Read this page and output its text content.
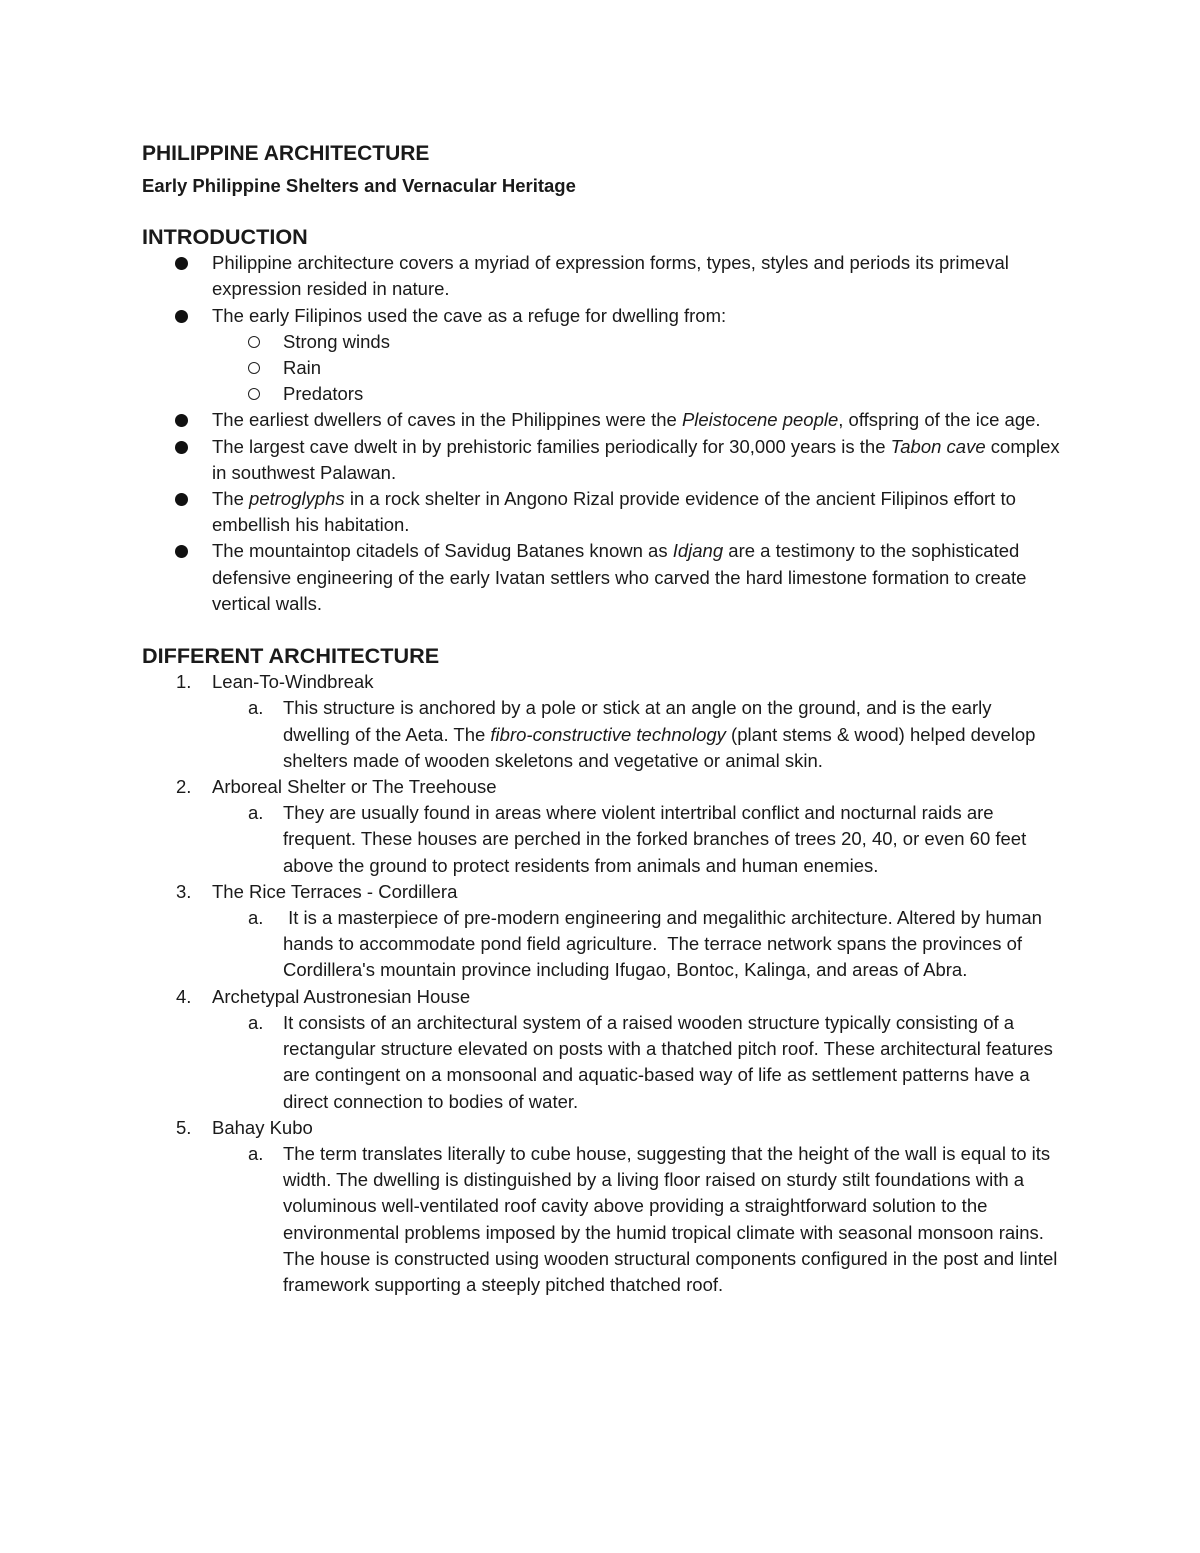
PHILIPPINE ARCHITECTURE
Early Philippine Shelters and Vernacular Heritage
INTRODUCTION
Philippine architecture covers a myriad of expression forms, types, styles and periods its primeval expression resided in nature.
The early Filipinos used the cave as a refuge for dwelling from:
Strong winds
Rain
Predators
The earliest dwellers of caves in the Philippines were the Pleistocene people, offspring of the ice age.
The largest cave dwelt in by prehistoric families periodically for 30,000 years is the Tabon cave complex in southwest Palawan.
The petroglyphs in a rock shelter in Angono Rizal provide evidence of the ancient Filipinos effort to embellish his habitation.
The mountaintop citadels of Savidug Batanes known as Idjang are a testimony to the sophisticated defensive engineering of the early Ivatan settlers who carved the hard limestone formation to create vertical walls.
DIFFERENT ARCHITECTURE
1. Lean-To-Windbreak
a. This structure is anchored by a pole or stick at an angle on the ground, and is the early dwelling of the Aeta. The fibro-constructive technology (plant stems & wood) helped develop shelters made of wooden skeletons and vegetative or animal skin.
2. Arboreal Shelter or The Treehouse
a. They are usually found in areas where violent intertribal conflict and nocturnal raids are frequent. These houses are perched in the forked branches of trees 20, 40, or even 60 feet above the ground to protect residents from animals and human enemies.
3. The Rice Terraces - Cordillera
a. It is a masterpiece of pre-modern engineering and megalithic architecture. Altered by human hands to accommodate pond field agriculture.  The terrace network spans the provinces of Cordillera's mountain province including Ifugao, Bontoc, Kalinga, and areas of Abra.
4. Archetypal Austronesian House
a. It consists of an architectural system of a raised wooden structure typically consisting of a rectangular structure elevated on posts with a thatched pitch roof. These architectural features are contingent on a monsoonal and aquatic-based way of life as settlement patterns have a direct connection to bodies of water.
5. Bahay Kubo
a. The term translates literally to cube house, suggesting that the height of the wall is equal to its width. The dwelling is distinguished by a living floor raised on sturdy stilt foundations with a voluminous well-ventilated roof cavity above providing a straightforward solution to the environmental problems imposed by the humid tropical climate with seasonal monsoon rains. The house is constructed using wooden structural components configured in the post and lintel framework supporting a steeply pitched thatched roof.
